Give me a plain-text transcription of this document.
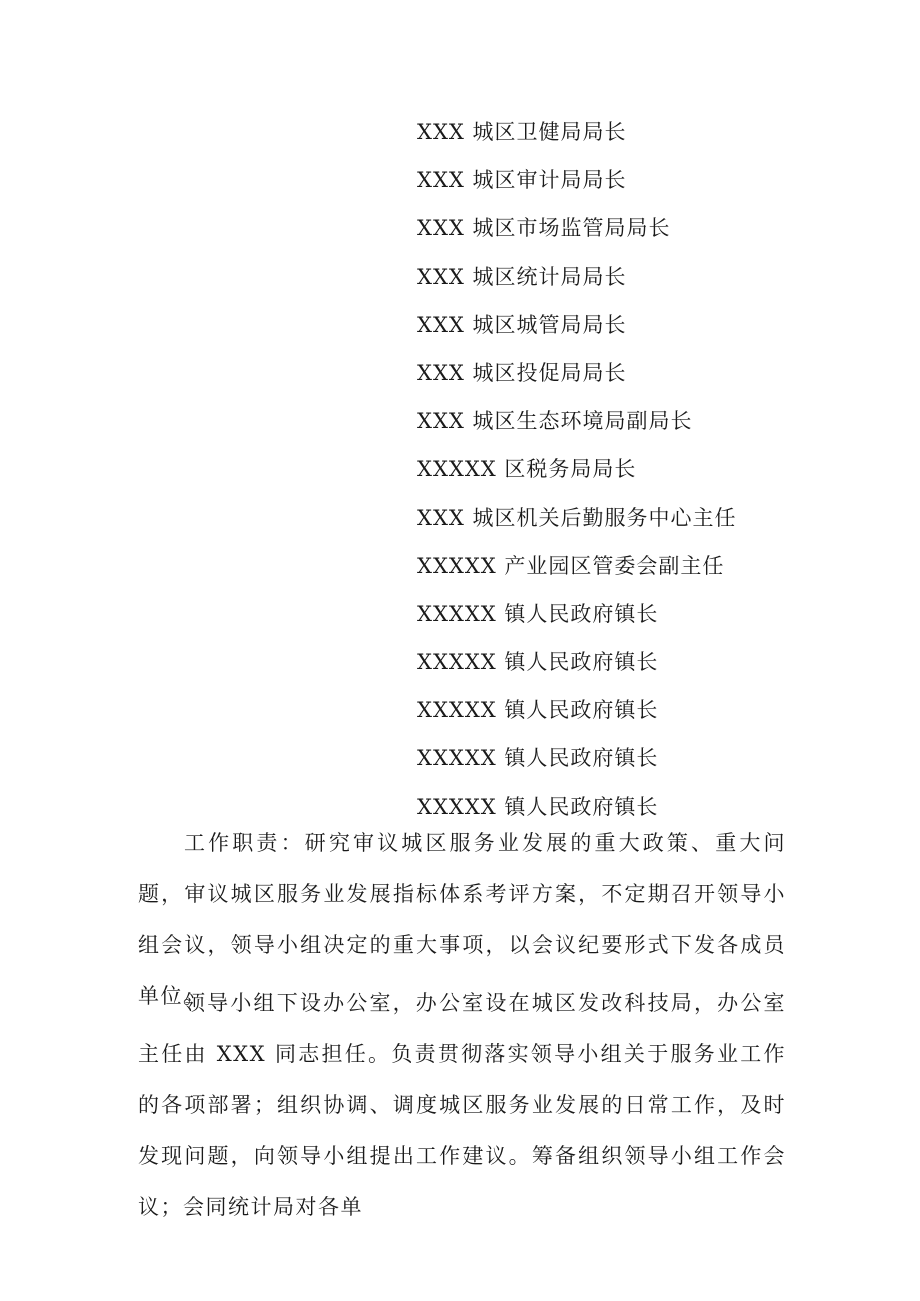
XXX 城区卫健局局长
XXX 城区审计局局长
XXX 城区市场监管局局长
XXX 城区统计局局长
XXX 城区城管局局长
XXX 城区投促局局长
XXX 城区生态环境局副局长
XXXXX 区税务局局长
XXX 城区机关后勤服务中心主任
XXXXX 产业园区管委会副主任
XXXXX 镇人民政府镇长
XXXXX 镇人民政府镇长
XXXXX 镇人民政府镇长
XXXXX 镇人民政府镇长
XXXXX 镇人民政府镇长

工作职责：研究审议城区服务业发展的重大政策、重大问题，审议城区服务业发展指标体系考评方案，不定期召开领导小组会议，领导小组决定的重大事项，以会议纪要形式下发各成员单位。

领导小组下设办公室，办公室设在城区发改科技局，办公室主任由 XXX 同志担任。负责贯彻落实领导小组关于服务业工作的各项部署；组织协调、调度城区服务业发展的日常工作，及时发现问题，向领导小组提出工作建议。筹备组织领导小组工作会议；会同统计局对各单
